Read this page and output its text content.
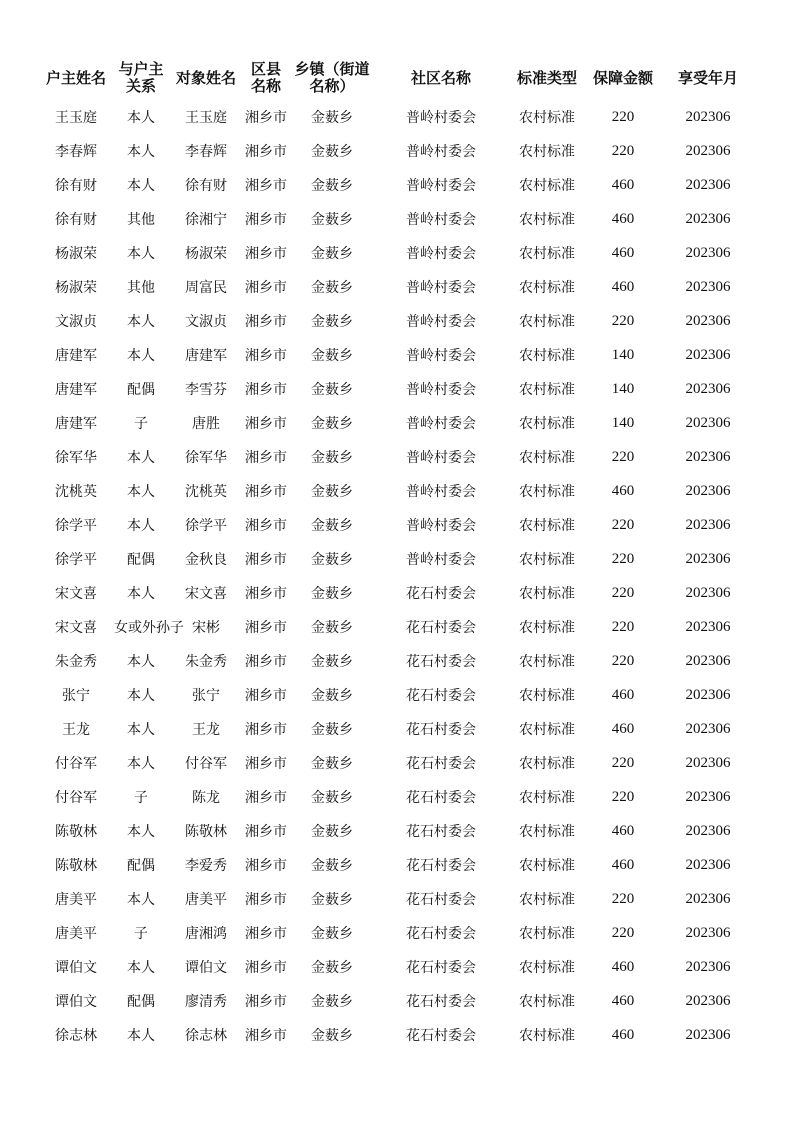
户主姓名	与户主关系	对象姓名	区县名称	乡镇（街道名称）	社区名称	标准类型	保障金额	享受年月
王玉庭	本人	王玉庭	湘乡市	金薮乡	普岭村委会	农村标准	220	202306
李春辉	本人	李春辉	湘乡市	金薮乡	普岭村委会	农村标准	220	202306
徐有财	本人	徐有财	湘乡市	金薮乡	普岭村委会	农村标准	460	202306
徐有财	其他	徐湘宁	湘乡市	金薮乡	普岭村委会	农村标准	460	202306
杨淑荣	本人	杨淑荣	湘乡市	金薮乡	普岭村委会	农村标准	460	202306
杨淑荣	其他	周富民	湘乡市	金薮乡	普岭村委会	农村标准	460	202306
文淑贞	本人	文淑贞	湘乡市	金薮乡	普岭村委会	农村标准	220	202306
唐建军	本人	唐建军	湘乡市	金薮乡	普岭村委会	农村标准	140	202306
唐建军	配偶	李雪芬	湘乡市	金薮乡	普岭村委会	农村标准	140	202306
唐建军	子	唐胜	湘乡市	金薮乡	普岭村委会	农村标准	140	202306
徐军华	本人	徐军华	湘乡市	金薮乡	普岭村委会	农村标准	220	202306
沈桃英	本人	沈桃英	湘乡市	金薮乡	普岭村委会	农村标准	460	202306
徐学平	本人	徐学平	湘乡市	金薮乡	普岭村委会	农村标准	220	202306
徐学平	配偶	金秋良	湘乡市	金薮乡	普岭村委会	农村标准	220	202306
宋文喜	本人	宋文喜	湘乡市	金薮乡	花石村委会	农村标准	220	202306
宋文喜	女或外孙子	宋彬	湘乡市	金薮乡	花石村委会	农村标准	220	202306
朱金秀	本人	朱金秀	湘乡市	金薮乡	花石村委会	农村标准	220	202306
张宁	本人	张宁	湘乡市	金薮乡	花石村委会	农村标准	460	202306
王龙	本人	王龙	湘乡市	金薮乡	花石村委会	农村标准	460	202306
付谷军	本人	付谷军	湘乡市	金薮乡	花石村委会	农村标准	220	202306
付谷军	子	陈龙	湘乡市	金薮乡	花石村委会	农村标准	220	202306
陈敬林	本人	陈敬林	湘乡市	金薮乡	花石村委会	农村标准	460	202306
陈敬林	配偶	李爱秀	湘乡市	金薮乡	花石村委会	农村标准	460	202306
唐美平	本人	唐美平	湘乡市	金薮乡	花石村委会	农村标准	220	202306
唐美平	子	唐湘鸿	湘乡市	金薮乡	花石村委会	农村标准	220	202306
谭伯文	本人	谭伯文	湘乡市	金薮乡	花石村委会	农村标准	460	202306
谭伯文	配偶	廖清秀	湘乡市	金薮乡	花石村委会	农村标准	460	202306
徐志林	本人	徐志林	湘乡市	金薮乡	花石村委会	农村标准	460	202306
